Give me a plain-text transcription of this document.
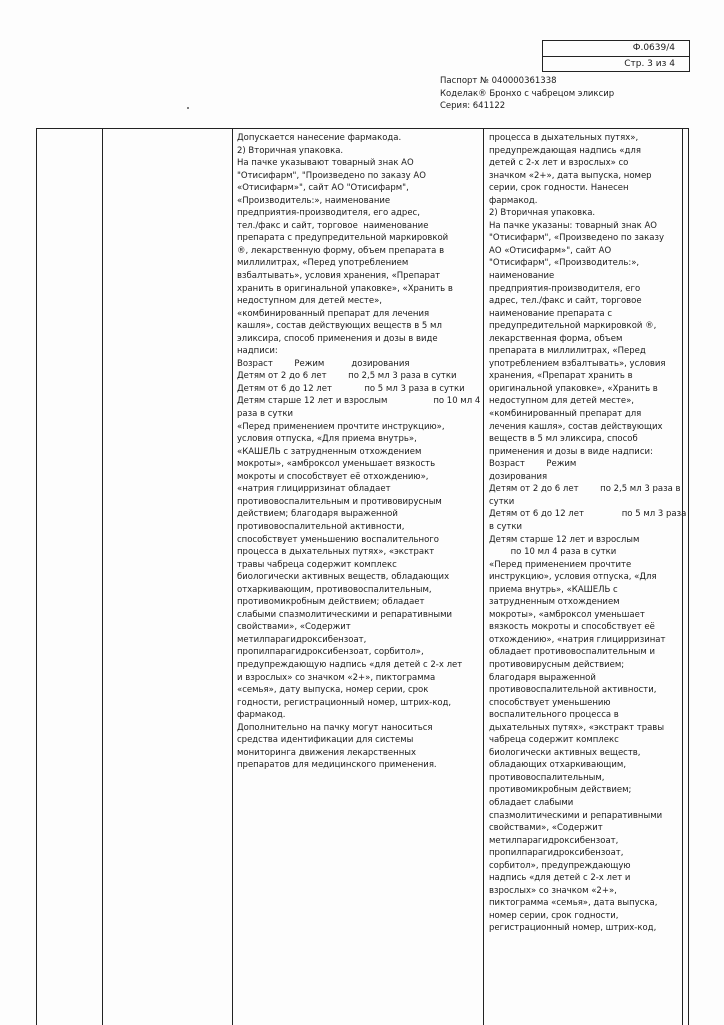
Ф.0639/4
Стр. 3 из 4
Паспорт № 040000361338
Коделак® Бронхо с чабрецом эликсир
Серия: 641122
Допускается нанесение фармакода.
2) Вторичная упаковка.
На пачке указывают товарный знак АО
"Отисифарм", "Произведено по заказу АО
«Отисифарм»", сайт АО "Отисифарм",
«Производитель:», наименование
предприятия-производителя, его адрес,
тел./факс и сайт, торговое  наименование
препарата с предупредительной маркировкой
®, лекарственную форму, объем препарата в
миллилитрах, «Перед употреблением
взбалтывать», условия хранения, «Препарат
хранить в оригинальной упаковке», «Хранить в
недоступном для детей месте»,
«комбинированный препарат для лечения
кашля», состав действующих веществ в 5 мл
эликсира, способ применения и дозы в виде
надписи:
Возраст        Режим          дозирования
Детям от 2 до 6 лет        по 2,5 мл 3 раза в сутки
Детям от 6 до 12 лет            по 5 мл 3 раза в сутки
Детям старше 12 лет и взрослым                 по 10 мл 4
раза в сутки
«Перед применением прочтите инструкцию»,
условия отпуска, «Для приема внутрь»,
«КАШЕЛЬ с затрудненным отхождением
мокроты», «амброксол уменьшает вязкость
мокроты и способствует её отхождению»,
«натрия глицирризинат обладает
противовоспалительным и противовирусным
действием; благодаря выраженной
противовоспалительной активности,
способствует уменьшению воспалительного
процесса в дыхательных путях», «экстракт
травы чабреца содержит комплекс
биологически активных веществ, обладающих
отхаркивающим, противовоспалительным,
противомикробным действием; обладает
слабыми спазмолитическими и репаративными
свойствами», «Содержит
метилпарагидроксибензоат,
пропилпарагидроксибензоат, сорбитол»,
предупреждающую надпись «для детей с 2-х лет
и взрослых» со значком «2+», пиктограмма
«семья», дату выпуска, номер серии, срок
годности, регистрационный номер, штрих-код,
фармакод.
Дополнительно на пачку могут наноситься
средства идентификации для системы
мониторинга движения лекарственных
препаратов для медицинского применения.
процесса в дыхательных путях»,
предупреждающая надпись «для
детей с 2-х лет и взрослых» со
значком «2+», дата выпуска, номер
серии, срок годности. Нанесен
фармакод.
2) Вторичная упаковка.
На пачке указаны: товарный знак АО
"Отисифарм", «Произведено по заказу
АО «Отисифарм»", сайт АО
"Отисифарм", «Производитель:»,
наименование
предприятия-производителя, его
адрес, тел./факс и сайт, торговое
наименование препарата с
предупредительной маркировкой ®,
лекарственная форма, объем
препарата в миллилитрах, «Перед
употреблением взбалтывать», условия
хранения, «Препарат хранить в
оригинальной упаковке», «Хранить в
недоступном для детей месте»,
«комбинированный препарат для
лечения кашля», состав действующих
веществ в 5 мл эликсира, способ
применения и дозы в виде надписи:
Возраст        Режим
дозирования
Детям от 2 до 6 лет        по 2,5 мл 3 раза в
сутки
Детям от 6 до 12 лет              по 5 мл 3 раза
в сутки
Детям старше 12 лет и взрослым
по 10 мл 4 раза в сутки
«Перед применением прочтите
инструкцию», условия отпуска, «Для
приема внутрь», «КАШЕЛЬ с
затрудненным отхождением
мокроты», «амброксол уменьшает
вязкость мокроты и способствует её
отхождению», «натрия глицирризинат
обладает противовоспалительным и
противовирусным действием;
благодаря выраженной
противовоспалительной активности,
способствует уменьшению
воспалительного процесса в
дыхательных путях», «экстракт травы
чабреца содержит комплекс
биологически активных веществ,
обладающих отхаркивающим,
противовоспалительным,
противомикробным действием;
обладает слабыми
спазмолитическими и репаративными
свойствами», «Содержит
метилпарагидроксибензоат,
пропилпарагидроксибензоат,
сорбитол», предупреждающую
надпись «для детей с 2-х лет и
взрослых» со значком «2+»,
пиктограмма «семья», дата выпуска,
номер серии, срок годности,
регистрационный номер, штрих-код,
